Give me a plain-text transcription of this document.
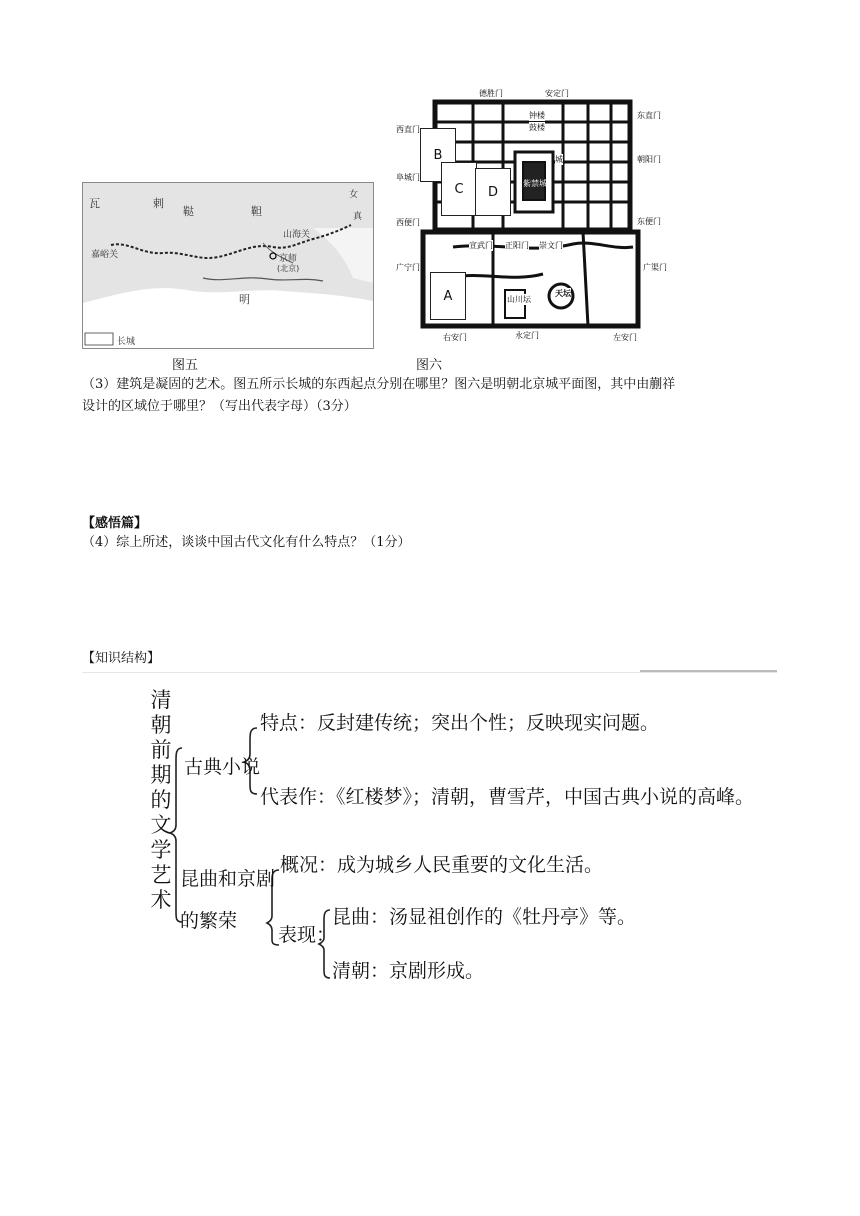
瓦	剌
鞑	靼
女
真
山海关
嘉峪关	京师
(北京)
明
长城
德胜门	安定门
东直门
西直门
朝阳门
阜城门
西便门	东便门
广宁门	广渠门
右安门	永定门	左安门
宣武门 正阳门 崇文门
天坛
山川坛
紫禁城
钟楼
鼓楼
城
B
C D
A
图五	图六
（3）建筑是凝固的艺术。图五所示长城的东西起点分别在哪里？图六是明朝北京城平面图，其中由蒯祥
设计的区域位于哪里？（写出代表字母）（3分）
【感悟篇】
（4）综上所述，谈谈中国古代文化有什么特点？（1分）
【知识结构】
清
朝
前
期
的
文
学
艺
术
古典小说
特点：反封建传统；突出个性；反映现实问题。
代表作：《红楼梦》；清朝，曹雪芹，中国古典小说的高峰。
昆曲和京剧
的繁荣
概况：成为城乡人民重要的文化生活。
表现：
昆曲：汤显祖创作的《牡丹亭》等。
清朝：京剧形成。
